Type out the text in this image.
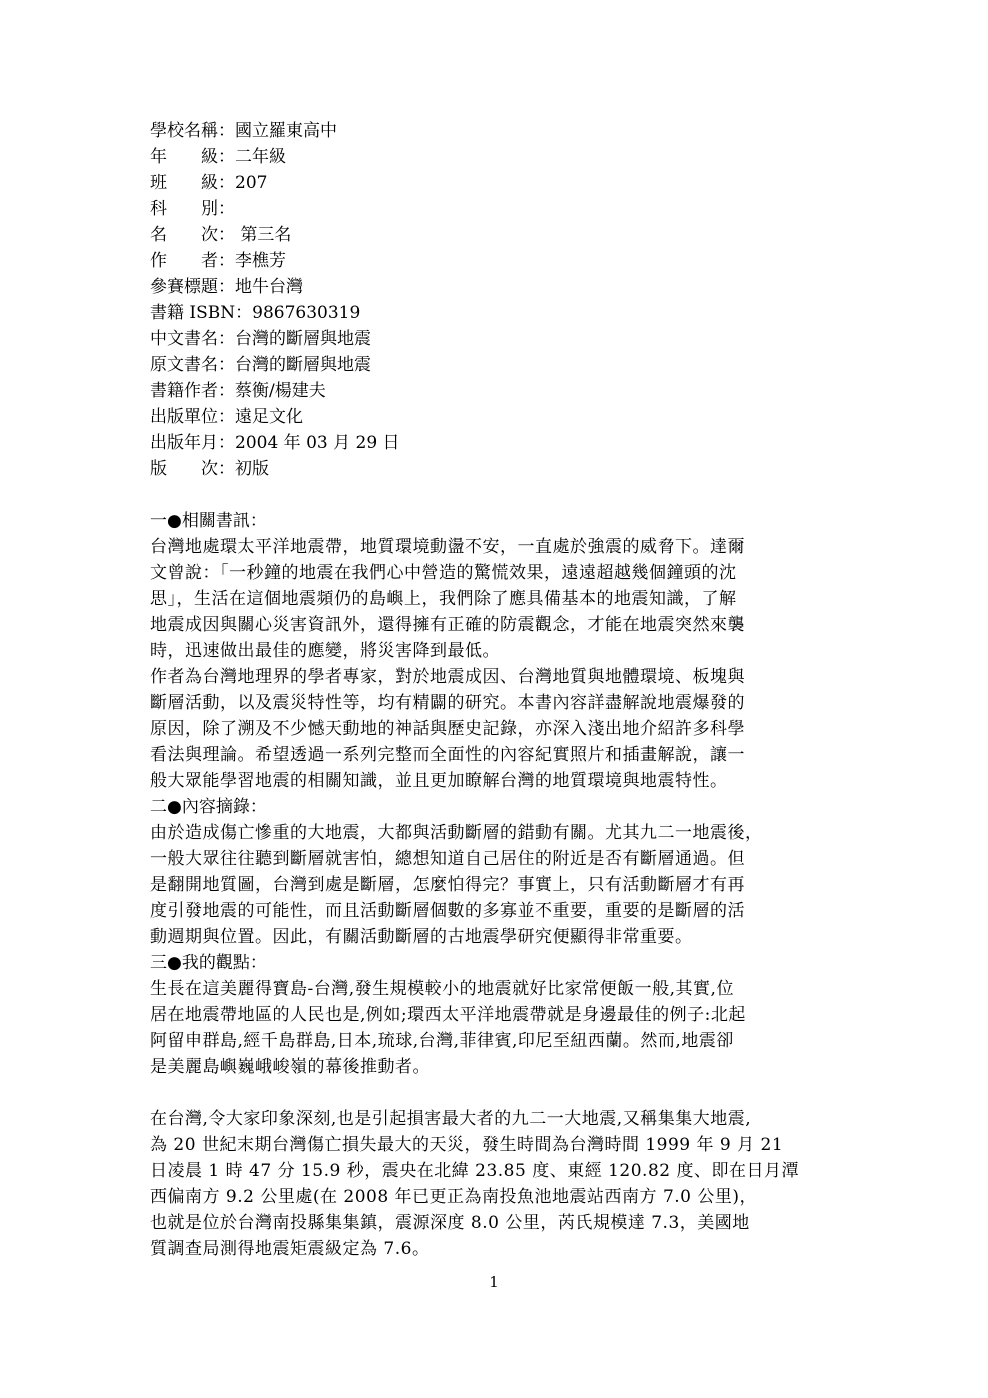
學校名稱：國立羅東高中
年　　級：二年級
班　　級：207
科　　別：
名　　次： 第三名
作　　者：李樵芳
參賽標題：地牛台灣
書籍 ISBN：9867630319
中文書名：台灣的斷層與地震
原文書名：台灣的斷層與地震
書籍作者：蔡衡/楊建夫
出版單位：遠足文化
出版年月：2004 年 03 月 29 日
版　　次：初版
一●相關書訊：
台灣地處環太平洋地震帶，地質環境動盪不安，一直處於強震的威脅下。達爾
文曾說：「一秒鐘的地震在我們心中營造的驚慌效果，遠遠超越幾個鐘頭的沈
思」，生活在這個地震頻仍的島嶼上，我們除了應具備基本的地震知識，了解
地震成因與關心災害資訊外，還得擁有正確的防震觀念，才能在地震突然來襲
時，迅速做出最佳的應變，將災害降到最低。
作者為台灣地理界的學者專家，對於地震成因、台灣地質與地體環境、板塊與
斷層活動，以及震災特性等，均有精闢的研究。本書內容詳盡解說地震爆發的
原因，除了溯及不少憾天動地的神話與歷史記錄，亦深入淺出地介紹許多科學
看法與理論。希望透過一系列完整而全面性的內容紀實照片和插畫解說，讓一
般大眾能學習地震的相關知識，並且更加瞭解台灣的地質環境與地震特性。
二●內容摘錄：
由於造成傷亡慘重的大地震，大都與活動斷層的錯動有關。尤其九二一地震後，
一般大眾往往聽到斷層就害怕，總想知道自己居住的附近是否有斷層通過。但
是翻開地質圖，台灣到處是斷層，怎麼怕得完？事實上，只有活動斷層才有再
度引發地震的可能性，而且活動斷層個數的多寡並不重要，重要的是斷層的活
動週期與位置。因此，有關活動斷層的古地震學研究便顯得非常重要。
三●我的觀點：
生長在這美麗得寶島-台灣,發生規模較小的地震就好比家常便飯一般,其實,位
居在地震帶地區的人民也是,例如;環西太平洋地震帶就是身邊最佳的例子:北起
阿留申群島,經千島群島,日本,琉球,台灣,菲律賓,印尼至紐西蘭。然而,地震卻
是美麗島嶼巍峨峻嶺的幕後推動者。
在台灣,令大家印象深刻,也是引起損害最大者的九二一大地震,又稱集集大地震,
為 20 世紀末期台灣傷亡損失最大的天災，發生時間為台灣時間 1999 年 9 月 21
日凌晨 1 時 47 分 15.9 秒，震央在北緯 23.85 度、東經 120.82 度、即在日月潭
西偏南方 9.2 公里處(在 2008 年已更正為南投魚池地震站西南方 7.0 公里)，
也就是位於台灣南投縣集集鎮，震源深度 8.0 公里，芮氏規模達 7.3，美國地
質調查局測得地震矩震級定為 7.6。
1
